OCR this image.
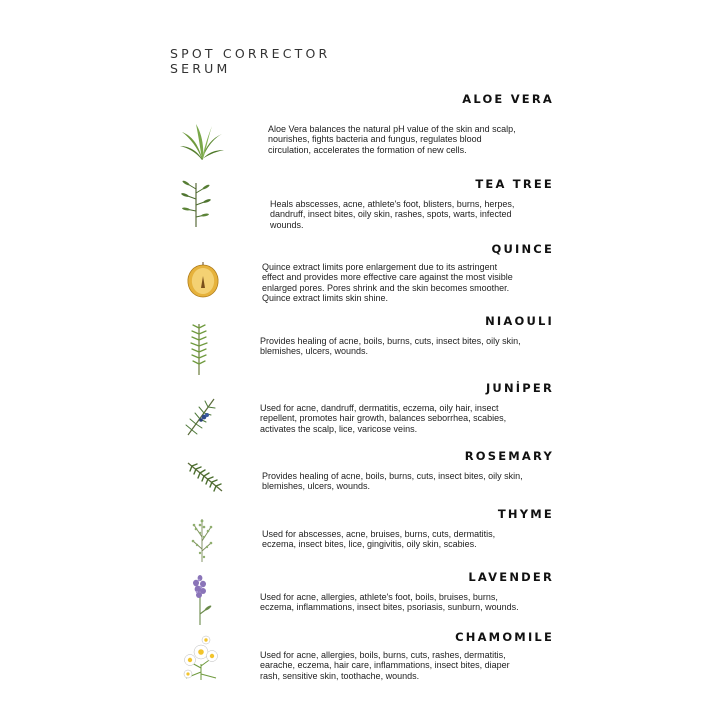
SPOT CORRECTOR
SERUM
ALOE VERA
Aloe Vera balances the natural pH value of the skin and scalp,
nourishes, fights bacteria and fungus, regulates blood
circulation, accelerates the formation of new cells.
TEA TREE
Heals abscesses, acne, athlete's foot, blisters, burns, herpes,
dandruff, insect bites, oily skin, rashes, spots, warts, infected
wounds.
QUINCE
Quince extract limits pore enlargement due to its astringent
effect and provides more effective care against the most visible
enlarged pores. Pores shrink and the skin becomes smoother.
Quince extract limits skin shine.
NIAOULI
Provides healing of acne, boils, burns, cuts, insect bites, oily skin,
blemishes, ulcers, wounds.
JUNİPER
Used for acne, dandruff, dermatitis, eczema, oily hair, insect
repellent, promotes hair growth, balances seborrhea, scabies,
activates the scalp, lice, varicose veins.
ROSEMARY
Provides healing of acne, boils, burns, cuts, insect bites, oily skin,
blemishes, ulcers, wounds.
THYME
Used for abscesses, acne, bruises, burns, cuts, dermatitis,
eczema, insect bites, lice, gingivitis, oily skin, scabies.
LAVENDER
Used for acne, allergies, athlete's foot, boils, bruises, burns,
eczema, inflammations, insect bites, psoriasis, sunburn, wounds.
CHAMOMILE
Used for acne, allergies, boils, burns, cuts, rashes, dermatitis,
earache, eczema, hair care, inflammations, insect bites, diaper
rash, sensitive skin, toothache, wounds.
